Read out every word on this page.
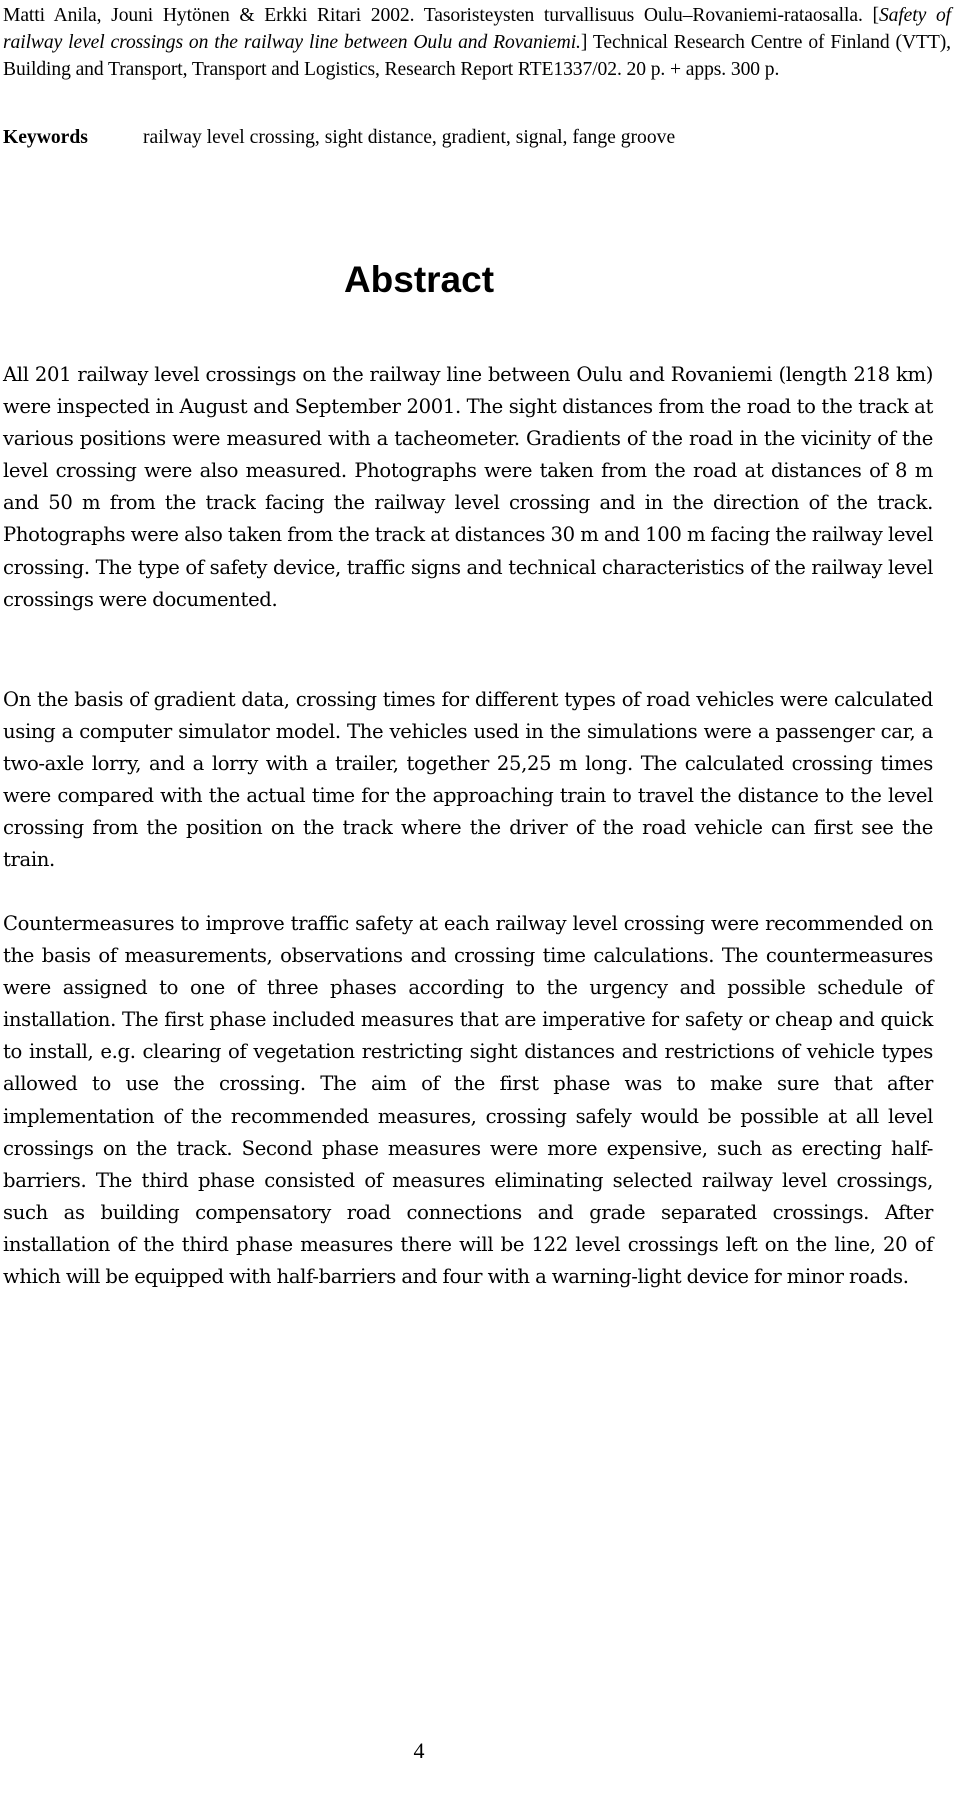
Matti Anila, Jouni Hytönen & Erkki Ritari 2002. Tasoristeysten turvallisuus Oulu–Rovaniemi-rataosalla. [Safety of railway level crossings on the railway line between Oulu and Rovaniemi.] Technical Research Centre of Finland (VTT), Building and Transport, Transport and Logistics, Research Report RTE1337/02. 20 p. + apps. 300 p.
Keywords	railway level crossing, sight distance, gradient, signal, fange groove
Abstract

All 201 railway level crossings on the railway line between Oulu and Rovaniemi (length 218 km) were inspected in August and September 2001. The sight distances from the road to the track at various positions were measured with a tacheometer. Gradients of the road in the vicinity of the level crossing were also measured. Photographs were taken from the road at distances of 8 m and 50 m from the track facing the railway level crossing and in the direction of the track. Photographs were also taken from the track at distances 30 m and 100 m facing the railway level crossing. The type of safety device, traffic signs and technical characteristics of the railway level crossings were documented.

On the basis of gradient data, crossing times for different types of road vehicles were calculated using a computer simulator model. The vehicles used in the simulations were a passenger car, a two-axle lorry, and a lorry with a trailer, together 25,25 m long. The calculated crossing times were compared with the actual time for the approaching train to travel the distance to the level crossing from the position on the track where the driver of the road vehicle can first see the train.

Countermeasures to improve traffic safety at each railway level crossing were recommended on the basis of measurements, observations and crossing time calculations. The countermeasures were assigned to one of three phases according to the urgency and possible schedule of installation. The first phase included measures that are imperative for safety or cheap and quick to install, e.g. clearing of vegetation restricting sight distances and restrictions of vehicle types allowed to use the crossing. The aim of the first phase was to make sure that after implementation of the recommended measures, crossing safely would be possible at all level crossings on the track. Second phase measures were more expensive, such as erecting half-barriers. The third phase consisted of measures eliminating selected railway level crossings, such as building compensatory road connections and grade separated crossings. After installation of the third phase measures there will be 122 level crossings left on the line, 20 of which will be equipped with half-barriers and four with a warning-light device for minor roads.

4
